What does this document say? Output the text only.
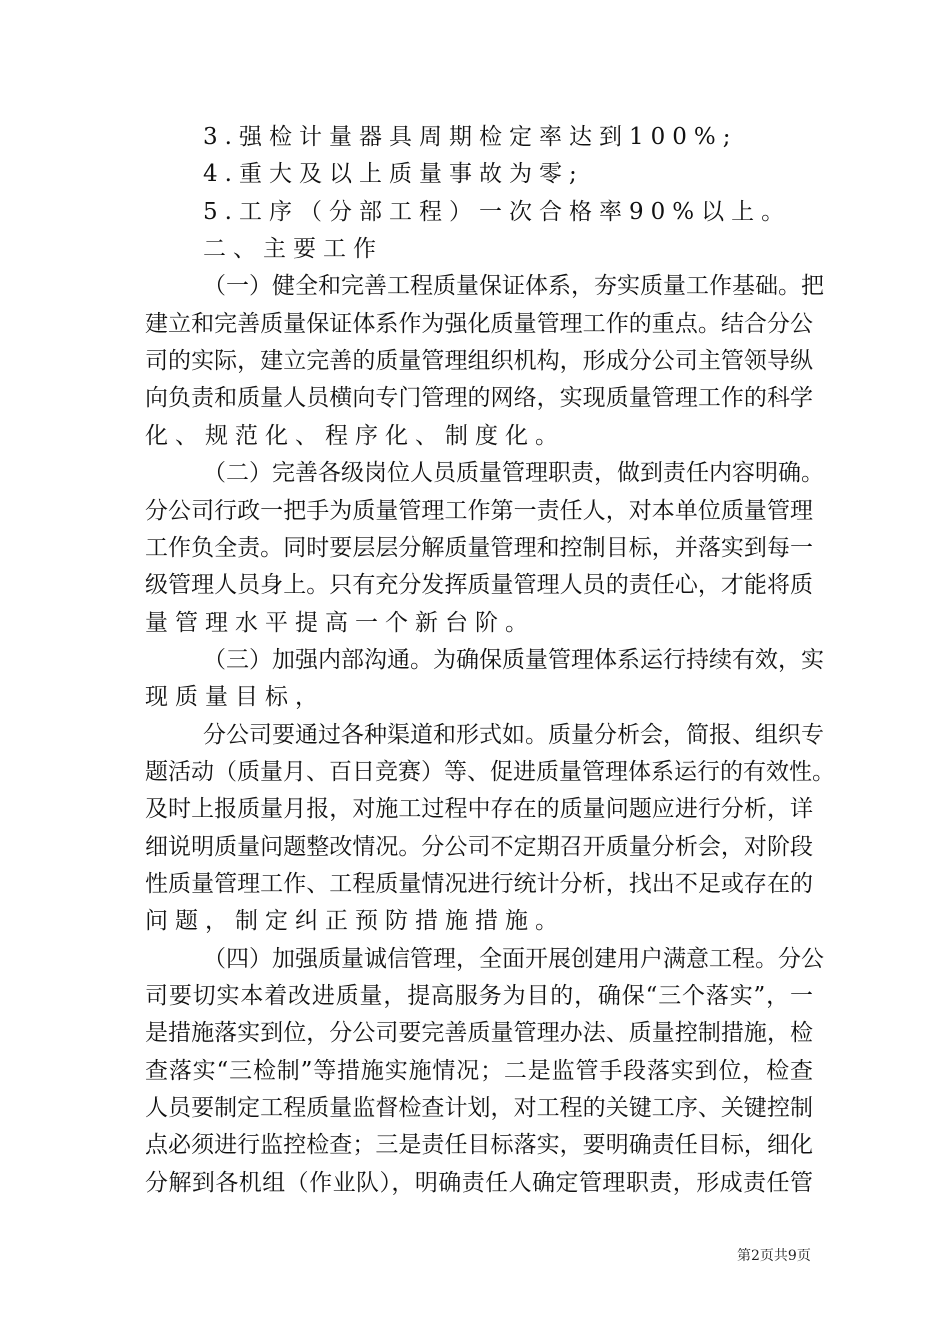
3.强检计量器具周期检定率达到100%;
4.重大及以上质量事故为零;
5.工序（分部工程）一次合格率90%以上。
二、主要工作
（一）健全和完善工程质量保证体系，夯实质量工作基础。把
建立和完善质量保证体系作为强化质量管理工作的重点。结合分公
司的实际，建立完善的质量管理组织机构，形成分公司主管领导纵
向负责和质量人员横向专门管理的网络，实现质量管理工作的科学
化、规范化、程序化、制度化。
（二）完善各级岗位人员质量管理职责，做到责任内容明确。
分公司行政一把手为质量管理工作第一责任人，对本单位质量管理
工作负全责。同时要层层分解质量管理和控制目标，并落实到每一
级管理人员身上。只有充分发挥质量管理人员的责任心，才能将质
量管理水平提高一个新台阶。
（三）加强内部沟通。为确保质量管理体系运行持续有效，实
现质量目标，
分公司要通过各种渠道和形式如。质量分析会，简报、组织专
题活动（质量月、百日竞赛）等、促进质量管理体系运行的有效性。
及时上报质量月报，对施工过程中存在的质量问题应进行分析，详
细说明质量问题整改情况。分公司不定期召开质量分析会，对阶段
性质量管理工作、工程质量情况进行统计分析，找出不足或存在的
问题，制定纠正预防措施措施。
（四）加强质量诚信管理，全面开展创建用户满意工程。分公
司要切实本着改进质量，提高服务为目的，确保“三个落实”，一
是措施落实到位，分公司要完善质量管理办法、质量控制措施，检
查落实“三检制”等措施实施情况；二是监管手段落实到位，检查
人员要制定工程质量监督检查计划，对工程的关键工序、关键控制
点必须进行监控检查；三是责任目标落实，要明确责任目标，细化
分解到各机组（作业队），明确责任人确定管理职责，形成责任管
第2页共9页
